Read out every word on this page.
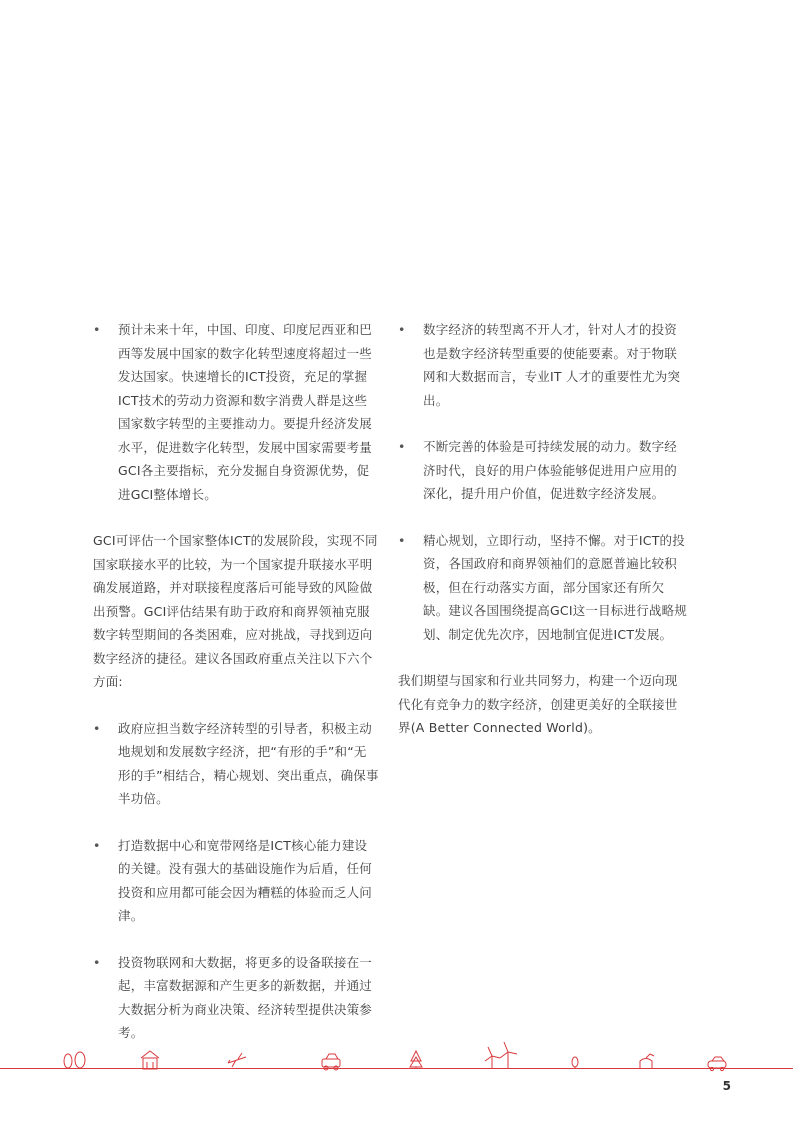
• 预计未来十年，中国、印度、印度尼西亚和巴西等发展中国家的数字化转型速度将超过一些发达国家。快速增长的ICT投资，充足的掌握ICT技术的劳动力资源和数字消费人群是这些国家数字转型的主要推动力。要提升经济发展水平，促进数字化转型，发展中国家需要考量GCI各主要指标，充分发掘自身资源优势，促进GCI整体增长。

GCI可评估一个国家整体ICT的发展阶段，实现不同国家联接水平的比较，为一个国家提升联接水平明确发展道路，并对联接程度落后可能导致的风险做出预警。GCI评估结果有助于政府和商界领袖克服数字转型期间的各类困难，应对挑战，寻找到迈向数字经济的捷径。建议各国政府重点关注以下六个方面:

• 政府应担当数字经济转型的引导者，积极主动地规划和发展数字经济，把“有形的手”和“无形的手”相结合，精心规划、突出重点，确保事半功倍。
• 打造数据中心和宽带网络是ICT核心能力建设的关键。没有强大的基础设施作为后盾，任何投资和应用都可能会因为糟糕的体验而乏人问津。
• 投资物联网和大数据，将更多的设备联接在一起，丰富数据源和产生更多的新数据，并通过大数据分析为商业决策、经济转型提供决策参考。
• 数字经济的转型离不开人才，针对人才的投资也是数字经济转型重要的使能要素。对于物联网和大数据而言，专业IT 人才的重要性尤为突出。
• 不断完善的体验是可持续发展的动力。数字经济时代，良好的用户体验能够促进用户应用的深化，提升用户价值，促进数字经济发展。
• 精心规划，立即行动，坚持不懈。对于ICT的投资，各国政府和商界领袖们的意愿普遍比较积极，但在行动落实方面，部分国家还有所欠缺。建议各国围绕提高GCI这一目标进行战略规划、制定优先次序，因地制宜促进ICT发展。

我们期望与国家和行业共同努力，构建一个迈向现代化有竞争力的数字经济，创建更美好的全联接世界(A Better Connected World)。

5
